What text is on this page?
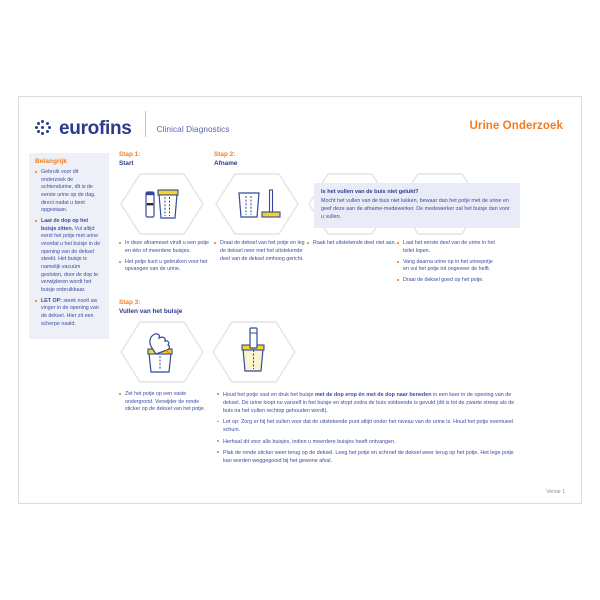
eurofins	Clinical Diagnostics	Urine Onderzoek
Belangrijk
Gebruik voor dit onderzoek de ochtendurine, dit is de eerste urine op de dag, direct nadat u bent opgestaan.
Laat de dop op het buisje zitten. Vul altijd eerst het potje met urine voordat u het buisje in de opening van de deksel steekt. Het buisje is namelijk vacuüm gesloten, door de dop te verwijderen wordt het buisje onbruikbaar.
LET OP: steek nooit uw vinger in de opening van de deksel. Hier zit een scherpe naald.
Stap 1:
Start
In deze afnameset vindt u een potje en één of meerdere buisjes.
Het potje kunt u gebruiken voor het opvangen van de urine.
Stap 2:
Afname
Draai de deksel van het potje en leg de deksel neer met het uitstekende deel van de deksel omhoog gericht.
Raak het uitstekende deel niet aan.	Laat het eerste deel van de urine in het toilet lopen.
Vang daarna urine op in het urinepotje en vul het potje tot ongeveer de helft.
Draai de deksel goed op het potje.
Stap 3:
Vullen van het buisje
Is het vullen van de buis niet gelukt?
Mocht het vullen van de buis niet lukken, bewaar dan het potje met de urine en geef deze aan de afname-medewerker. De medewerker zal het buisje dan voor u vullen.
Zet het potje op een vaste ondergrond. Verwijder de ronde sticker op de deksel van het potje.
Houd het potje vast en druk het buisje met de dop erop én met de dop naar beneden in een keer in de opening van de deksel. De urine loopt nu vanzelf in het buisje en stopt zodra de buis voldoende is gevuld (dit is tot de zwarte streep als de buis na het vullen rechtop gehouden wordt).
Let op: Zorg er bij het vullen voor dat de uitstekende punt altijd onder het niveau van de urine is. Houd het potje eventueel schuin.
Herhaal dit voor alle buisjes, indien u meerdere buisjes heeft ontvangen.
Plak de ronde sticker weer terug op de deksel. Leeg het potje en schroef de deksel weer terug op het potje. Het lege potje kan worden weggegooid bij het gewone afval.
Versie 1
